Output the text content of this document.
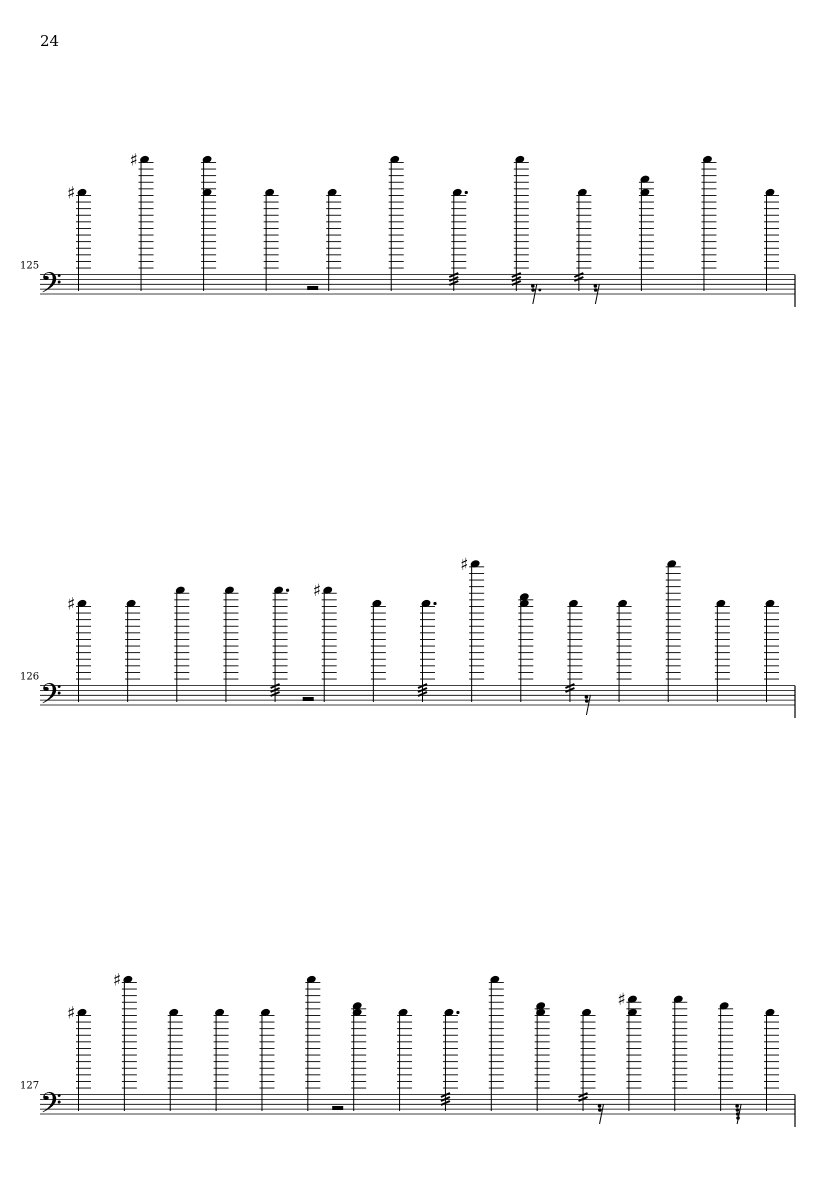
24
125
𝄢
♯
♯
126
𝄢
♯
♯
♯
127
𝄢
♯
♯
♯
